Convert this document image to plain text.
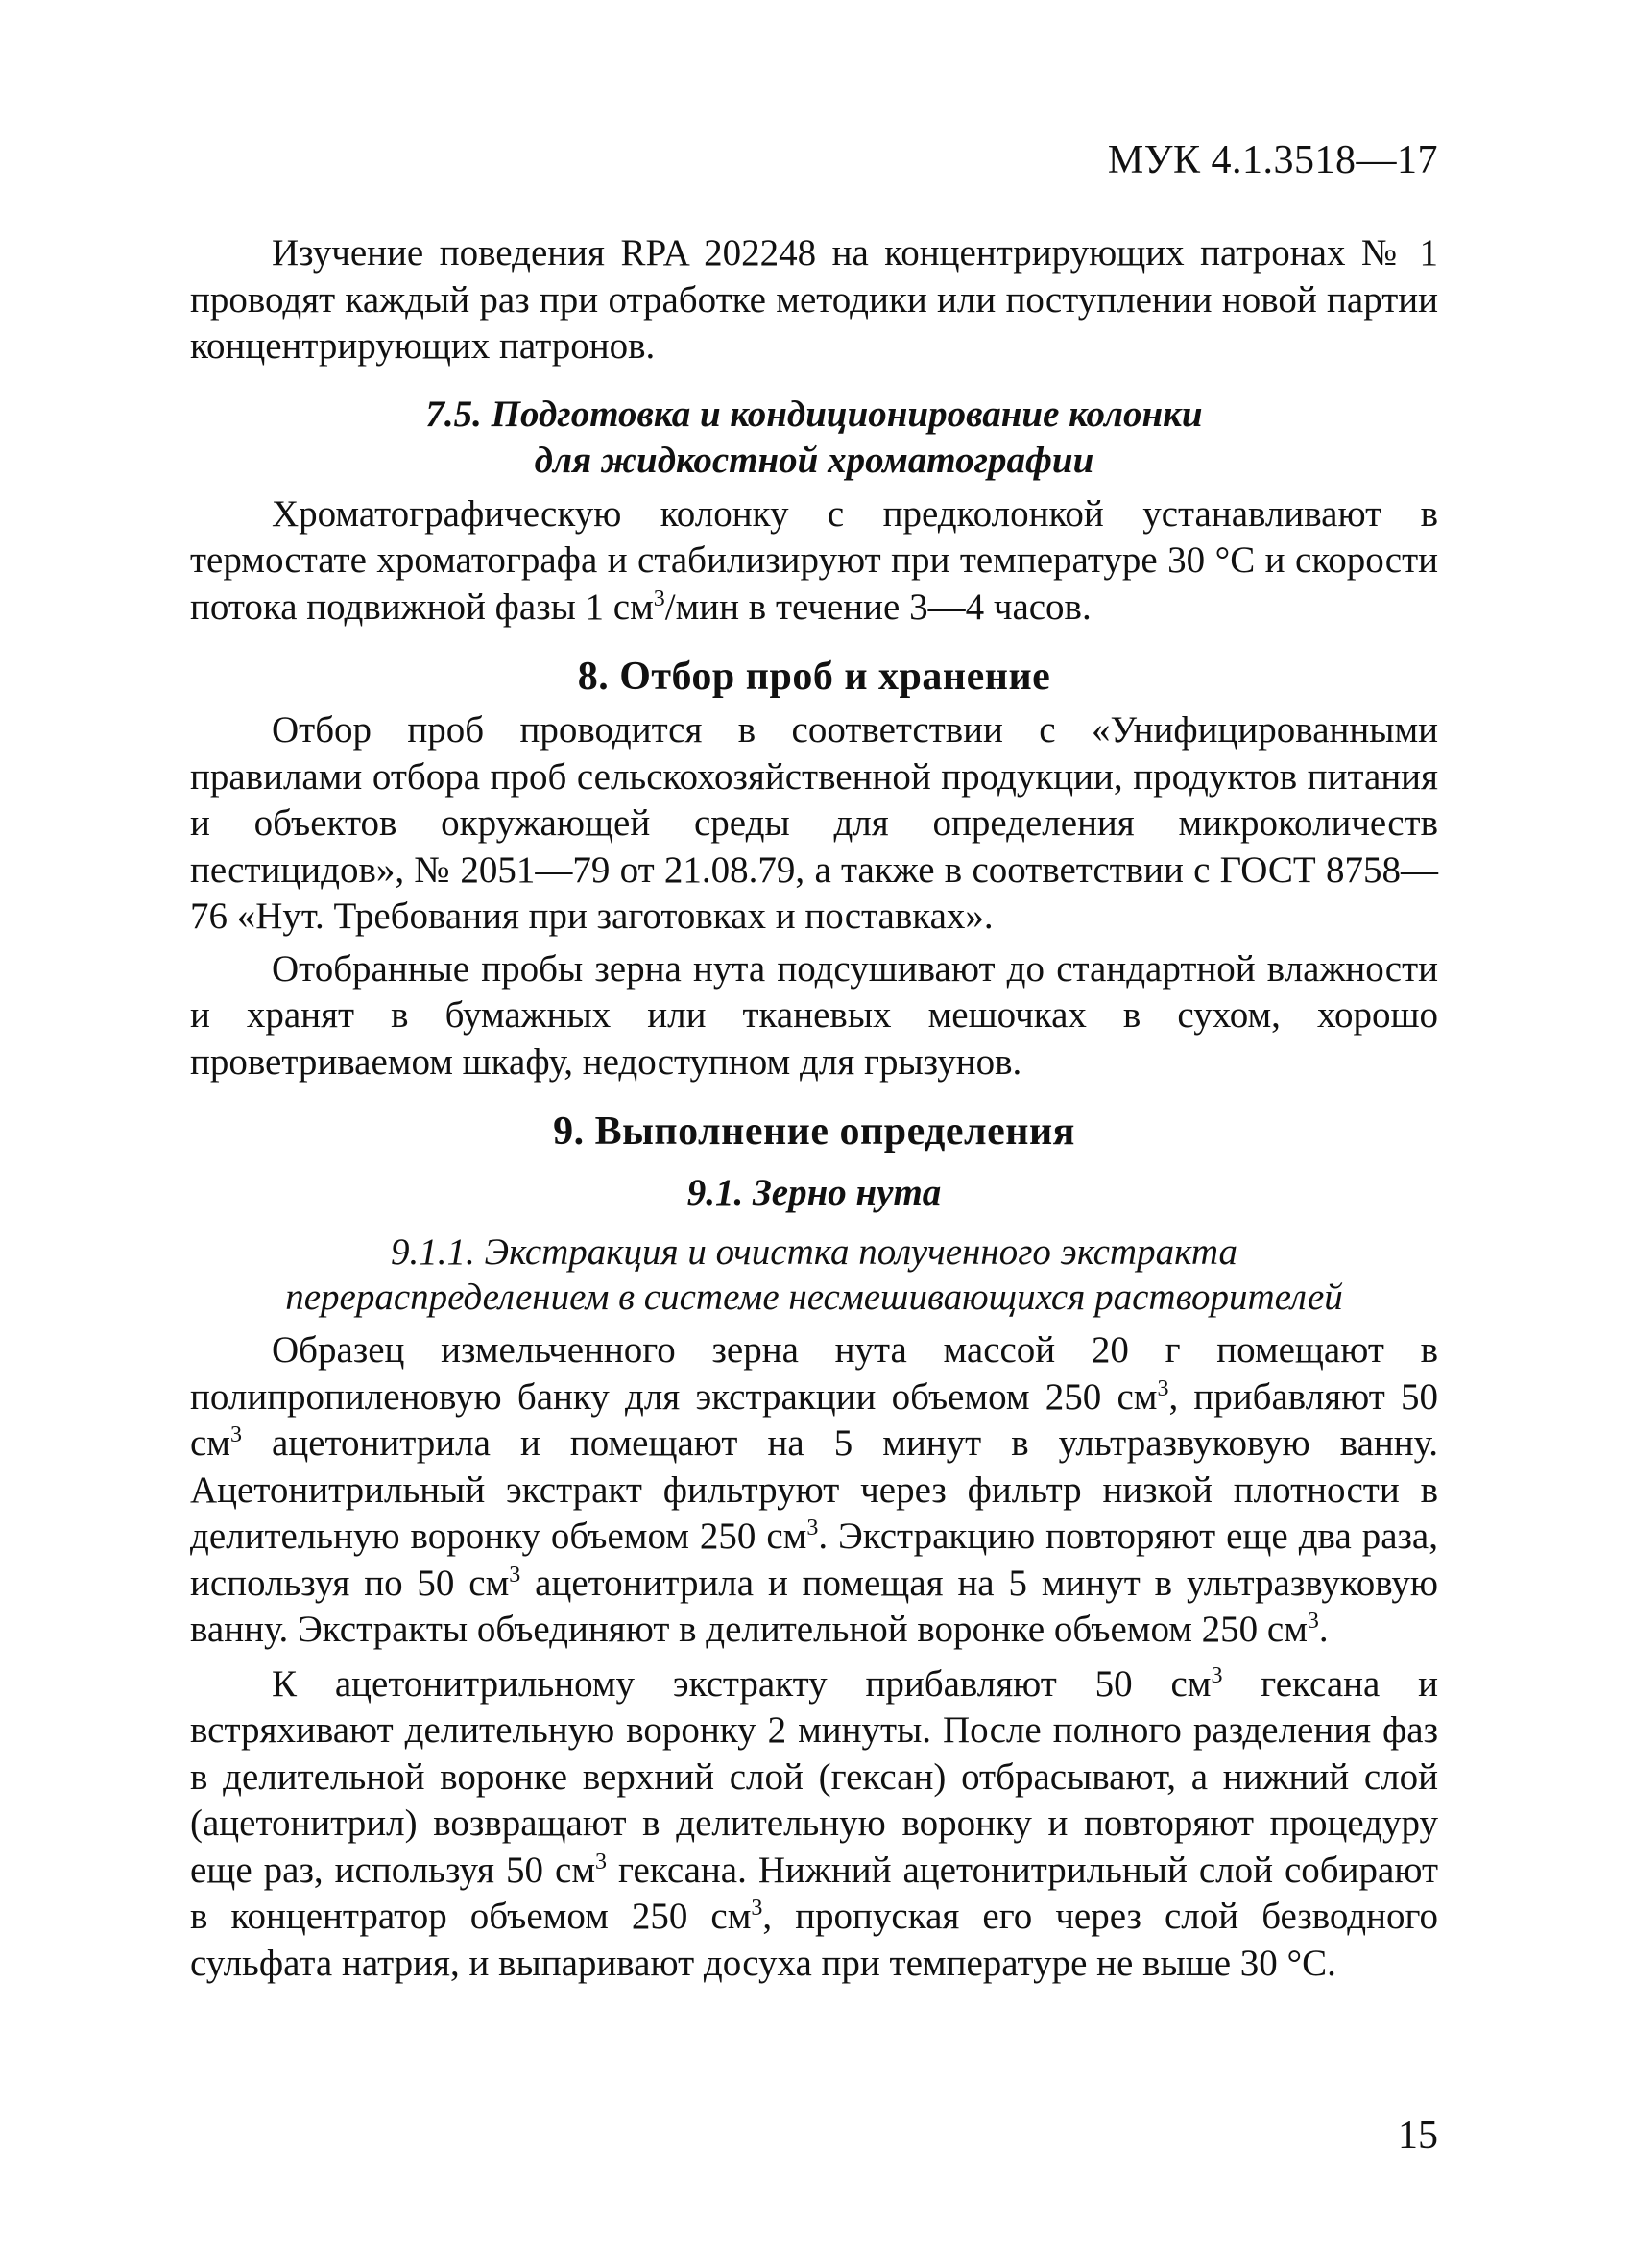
МУК 4.1.3518—17

Изучение поведения RPA 202248 на концентрирующих патронах № 1 проводят каждый раз при отработке методики или поступлении новой партии концентрирующих патронов.

7.5. Подготовка и кондиционирование колонки
для жидкостной хроматографии

Хроматографическую колонку с предколонкой устанавливают в термостате хроматографа и стабилизируют при температуре 30 °С и скорости потока подвижной фазы 1 $см^3$/мин в течение 3—4 часов.

8. Отбор проб и хранение

Отбор проб проводится в соответствии с «Унифицированными правилами отбора проб сельскохозяйственной продукции, продуктов питания и объектов окружающей среды для определения микроколичеств пестицидов», № 2051—79 от 21.08.79, а также в соответствии с ГОСТ 8758—76 «Нут. Требования при заготовках и поставках».

Отобранные пробы зерна нута подсушивают до стандартной влажности и хранят в бумажных или тканевых мешочках в сухом, хорошо проветриваемом шкафу, недоступном для грызунов.

9. Выполнение определения
9.1. Зерно нута
9.1.1. Экстракция и очистка полученного экстракта
перераспределением в системе несмешивающихся растворителей

Образец измельченного зерна нута массой 20 г помещают в полипропиленовую банку для экстракции объемом 250 $см^3$, прибавляют 50 $см^3$ ацетонитрила и помещают на 5 минут в ультразвуковую ванну. Ацетонитрильный экстракт фильтруют через фильтр низкой плотности в делительную воронку объемом 250 $см^3$. Экстракцию повторяют еще два раза, используя по 50 $см^3$ ацетонитрила и помещая на 5 минут в ультразвуковую ванну. Экстракты объединяют в делительной воронке объемом 250 $см^3$.

К ацетонитрильному экстракту прибавляют 50 $см^3$ гексана и встряхивают делительную воронку 2 минуты. После полного разделения фаз в делительной воронке верхний слой (гексан) отбрасывают, а нижний слой (ацетонитрил) возвращают в делительную воронку и повторяют процедуру еще раз, используя 50 $см^3$ гексана. Нижний ацетонитрильный слой собирают в концентратор объемом 250 $см^3$, пропуская его через слой безводного сульфата натрия, и выпаривают досуха при температуре не выше 30 °С.

15
